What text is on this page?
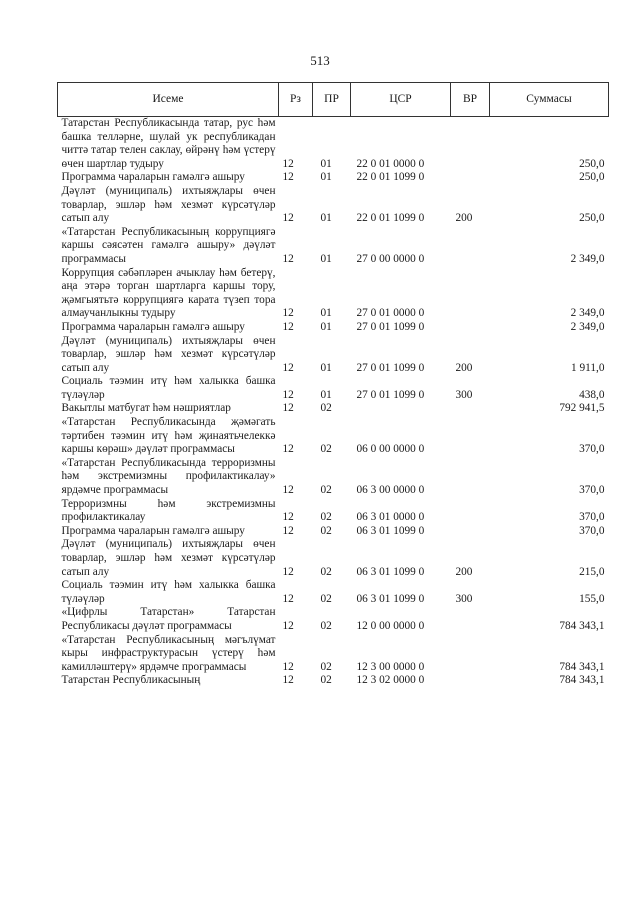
513
Исеме	Рз	ПР	ЦСР	ВР	Суммасы
Татарстан Республикасында татар, рус һәм башка телләрне, шулай ук республикадан читтә татар телен саклау, өйрәнү һәм үстерү өчен шартлар тудыру	12	01	22 0 01 0000 0		250,0
Программа чараларын гамәлгә ашыру	12	01	22 0 01 1099 0		250,0
Дәүләт (муниципаль) ихтыяҗлары өчен товарлар, эшләр һәм хезмәт күрсәтүләр сатып алу	12	01	22 0 01 1099 0	200	250,0
«Татарстан Республикасының коррупциягә каршы сәясәтен гамәлгә ашыру» дәүләт программасы	12	01	27 0 00 0000 0		2 349,0
Коррупция сәбәпләрен ачыклау һәм бетерү, аңа этәрә торган шартларга каршы тору, җәмгыятьтә коррупциягә карата түзеп тора алмаучанлыкны тудыру	12	01	27 0 01 0000 0		2 349,0
Программа чараларын гамәлгә ашыру	12	01	27 0 01 1099 0		2 349,0
Дәүләт (муниципаль) ихтыяҗлары өчен товарлар, эшләр һәм хезмәт күрсәтүләр сатып алу	12	01	27 0 01 1099 0	200	1 911,0
Социаль тәэмин итү һәм халыкка башка түләүләр	12	01	27 0 01 1099 0	300	438,0
Вакытлы матбугат һәм нәшриятлар	12	02			792 941,5
«Татарстан Республикасында җәмәгать тәртибен тәэмин итү һәм җинаятьчелеккә каршы көрәш» дәүләт программасы	12	02	06 0 00 0000 0		370,0
«Татарстан Республикасында терроризмны һәм экстремизмны профилактикалау» ярдәмче программасы	12	02	06 3 00 0000 0		370,0
Терроризмны һәм экстремизмны профилактикалау	12	02	06 3 01 0000 0		370,0
Программа чараларын гамәлгә ашыру	12	02	06 3 01 1099 0		370,0
Дәүләт (муниципаль) ихтыяҗлары өчен товарлар, эшләр һәм хезмәт күрсәтүләр сатып алу	12	02	06 3 01 1099 0	200	215,0
Социаль тәэмин итү һәм халыкка башка түләүләр	12	02	06 3 01 1099 0	300	155,0
«Цифрлы Татарстан» Татарстан Республикасы дәүләт программасы	12	02	12 0 00 0000 0		784 343,1
«Татарстан Республикасының мәгълүмат кыры инфраструктурасын үстерү һәм камилләштерү» ярдәмче программасы	12	02	12 3 00 0000 0		784 343,1
Татарстан Республикасының	12	02	12 3 02 0000 0		784 343,1
